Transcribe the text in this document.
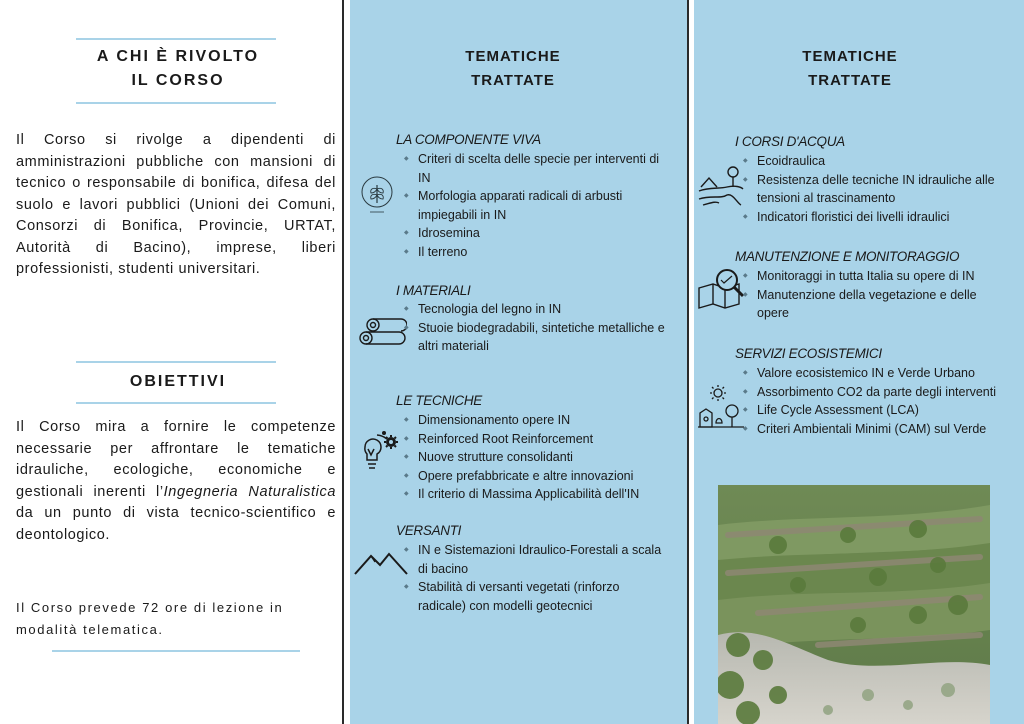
A CHI È RIVOLTO
IL CORSO

Il Corso si rivolge a dipendenti di amministrazioni pubbliche con mansioni di tecnico o responsabile di bonifica, difesa del suolo e lavori pubblici (Unioni dei Comuni, Consorzi di Bonifica, Provincie, URTAT, Autorità di Bacino), imprese, liberi professionisti, studenti universitari.

OBIETTIVI

Il Corso mira a fornire le competenze necessarie per affrontare le tematiche idrauliche, ecologiche, economiche e gestionali inerenti l’Ingegneria Naturalistica da un punto di vista tecnico-scientifico e deontologico.

Il Corso prevede 72 ore di lezione in modalità telematica.

TEMATICHE
TRATTATE
LA COMPONENTE VIVA
◆ Criteri di scelta delle specie per interventi di IN
◆ Morfologia apparati radicali di arbusti impiegabili in IN
◆ Idrosemina
◆ Il terreno
I MATERIALI
◆ Tecnologia del legno in IN
◆ Stuoie biodegradabili, sintetiche metalliche e altri materiali
LE TECNICHE
◆ Dimensionamento opere IN
◆ Reinforced Root Reinforcement
◆ Nuove strutture consolidanti
◆ Opere prefabbricate e altre innovazioni
◆ Il criterio di Massima Applicabilità dell'IN
VERSANTI
◆ IN e Sistemazioni Idraulico-Forestali a scala di bacino
◆ Stabilità di versanti vegetati (rinforzo radicale) con modelli geotecnici
TEMATICHE
TRATTATE
I CORSI D'ACQUA
◆ Ecoidraulica
◆ Resistenza delle tecniche IN idrauliche alle tensioni al trascinamento
◆ Indicatori floristici dei livelli idraulici
MANUTENZIONE E MONITORAGGIO
◆ Monitoraggi in tutta Italia su opere di IN
◆ Manutenzione della vegetazione e delle opere
SERVIZI ECOSISTEMICI
◆ Valore ecosistemico IN e Verde Urbano
◆ Assorbimento CO2 da parte degli interventi
◆ Life Cycle Assessment (LCA)
◆ Criteri Ambientali Minimi (CAM) sul Verde
